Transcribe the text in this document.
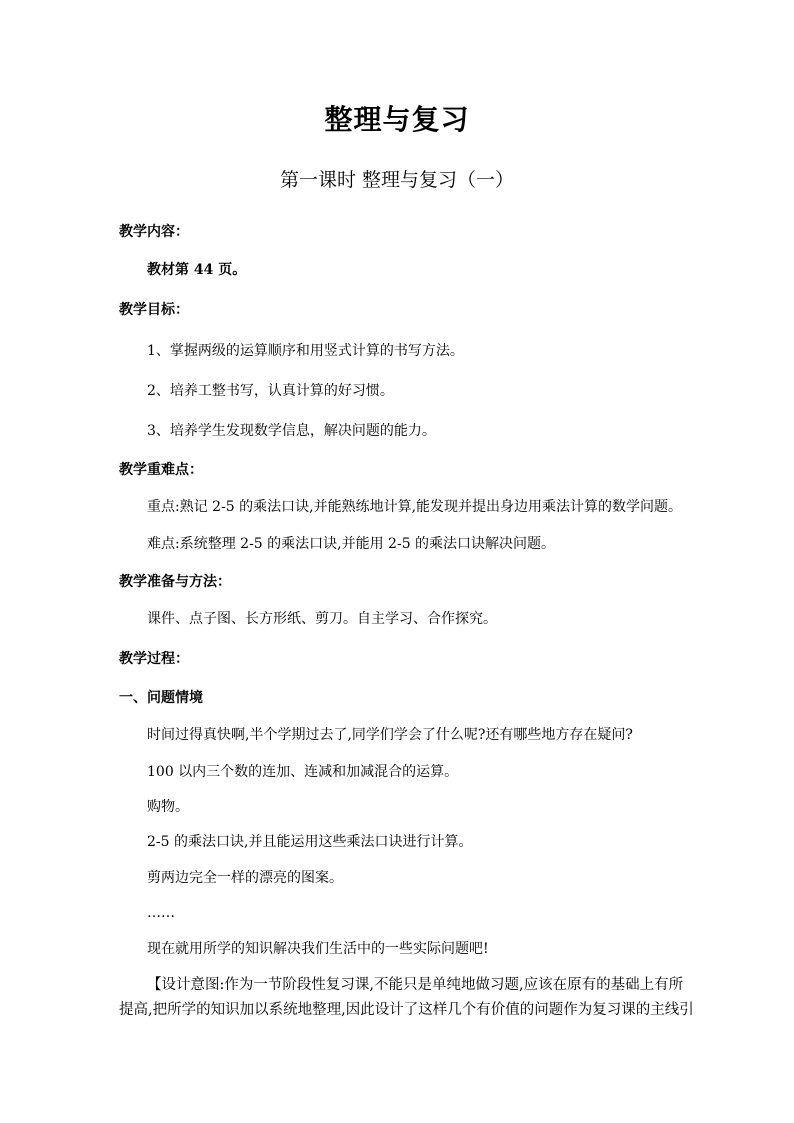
整理与复习
第一课时 整理与复习（一）
教学内容：
教材第 44 页。
教学目标：
1、掌握两级的运算顺序和用竖式计算的书写方法。
2、培养工整书写，认真计算的好习惯。
3、培养学生发现数学信息，解决问题的能力。
教学重难点：
重点:熟记 2-5 的乘法口诀,并能熟练地计算,能发现并提出身边用乘法计算的数学问题。
难点:系统整理 2-5 的乘法口诀,并能用 2-5 的乘法口诀解决问题。
教学准备与方法：
课件、点子图、长方形纸、剪刀。自主学习、合作探究。
教学过程：
一、问题情境
时间过得真快啊,半个学期过去了,同学们学会了什么呢?还有哪些地方存在疑问?
100 以内三个数的连加、连减和加减混合的运算。
购物。
2-5 的乘法口诀,并且能运用这些乘法口诀进行计算。
剪两边完全一样的漂亮的图案。
……
现在就用所学的知识解决我们生活中的一些实际问题吧!
【设计意图:作为一节阶段性复习课,不能只是单纯地做习题,应该在原有的基础上有所
提高,把所学的知识加以系统地整理,因此设计了这样几个有价值的问题作为复习课的主线引
